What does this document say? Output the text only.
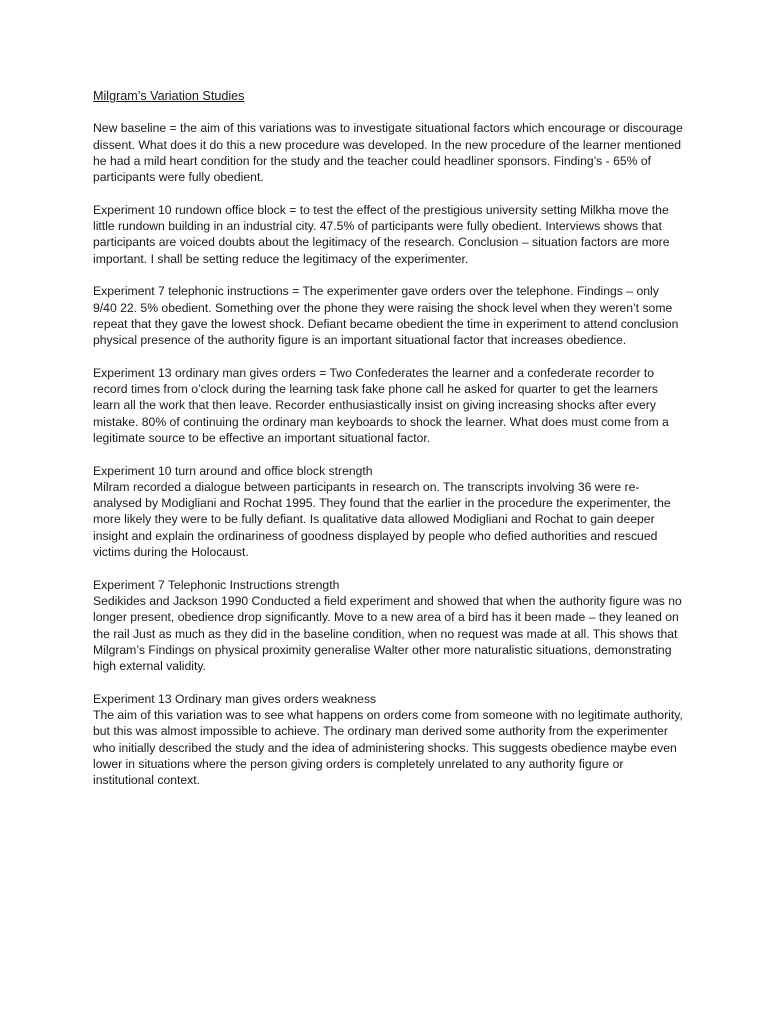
Milgram’s Variation Studies

New baseline = the aim of this variations was to investigate situational factors which encourage or discourage dissent. What does it do this a new procedure was developed. In the new procedure of the learner mentioned he had a mild heart condition for the study and the teacher could headliner sponsors. Finding’s - 65% of participants were fully obedient.

Experiment 10 rundown office block = to test the effect of the prestigious university setting Milkha move the little rundown building in an industrial city. 47.5% of participants were fully obedient. Interviews shows that participants are voiced doubts about the legitimacy of the research. Conclusion – situation factors are more important. I shall be setting reduce the legitimacy of the experimenter.

Experiment 7 telephonic instructions = The experimenter gave orders over the telephone. Findings – only 9/40 22. 5% obedient. Something over the phone they were raising the shock level when they weren’t some repeat that they gave the lowest shock. Defiant became obedient the time in experiment to attend conclusion physical presence of the authority figure is an important situational factor that increases obedience.

Experiment 13 ordinary man gives orders = Two Confederates the learner and a confederate recorder to record times from o’clock during the learning task fake phone call he asked for quarter to get the learners learn all the work that then leave. Recorder enthusiastically insist on giving increasing shocks after every mistake. 80% of continuing the ordinary man keyboards to shock the learner. What does must come from a legitimate source to be effective an important situational factor.

Experiment 10 turn around and office block strength
Milram recorded a dialogue between participants in research on. The transcripts involving 36 were re-analysed by Modigliani and Rochat 1995. They found that the earlier in the procedure the experimenter, the more likely they were to be fully defiant. Is qualitative data allowed Modigliani and Rochat to gain deeper insight and explain the ordinariness of goodness displayed by people who defied authorities and rescued victims during the Holocaust.

Experiment 7 Telephonic Instructions strength
Sedikides and Jackson 1990 Conducted a field experiment and showed that when the authority figure was no longer present, obedience drop significantly. Move to a new area of a bird has it been made – they leaned on the rail Just as much as they did in the baseline condition, when no request was made at all. This shows that Milgram’s Findings on physical proximity generalise Walter other more naturalistic situations, demonstrating high external validity.

Experiment 13 Ordinary man gives orders weakness
The aim of this variation was to see what happens on orders come from someone with no legitimate authority, but this was almost impossible to achieve. The ordinary man derived some authority from the experimenter who initially described the study and the idea of administering shocks. This suggests obedience maybe even lower in situations where the person giving orders is completely unrelated to any authority figure or institutional context.
